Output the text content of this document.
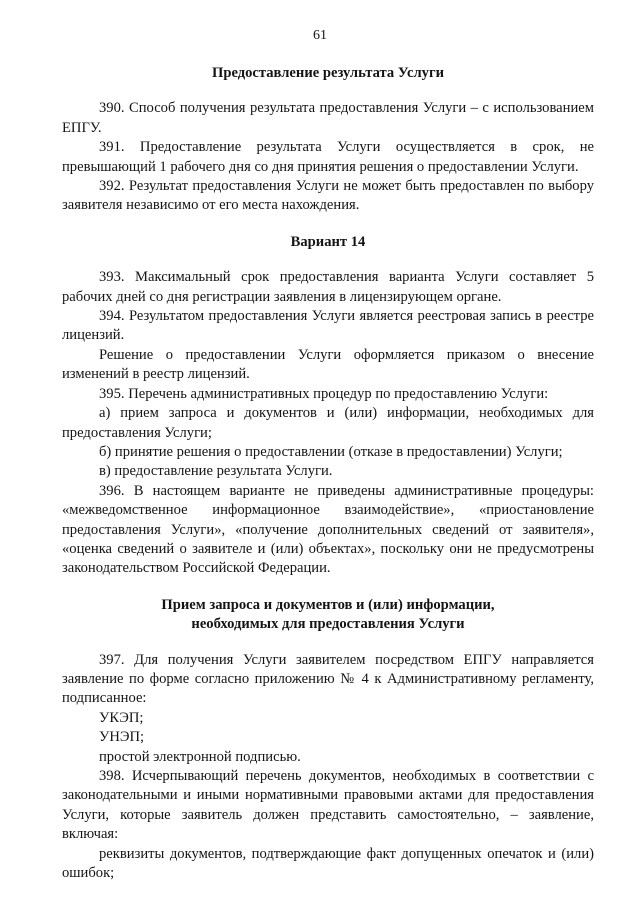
61

Предоставление результата Услуги

390. Способ получения результата предоставления Услуги – с использованием ЕПГУ.

391. Предоставление результата Услуги осуществляется в срок, не превышающий 1 рабочего дня со дня принятия решения о предоставлении Услуги.

392. Результат предоставления Услуги не может быть предоставлен по выбору заявителя независимо от его места нахождения.

Вариант 14

393. Максимальный срок предоставления варианта Услуги составляет 5 рабочих дней со дня регистрации заявления в лицензирующем органе.

394. Результатом предоставления Услуги является реестровая запись в реестре лицензий.

Решение о предоставлении Услуги оформляется приказом о внесение изменений в реестр лицензий.

395. Перечень административных процедур по предоставлению Услуги:

а) прием запроса и документов и (или) информации, необходимых для предоставления Услуги;

б) принятие решения о предоставлении (отказе в предоставлении) Услуги;

в) предоставление результата Услуги.

396. В настоящем варианте не приведены административные процедуры: «межведомственное информационное взаимодействие», «приостановление предоставления Услуги», «получение дополнительных сведений от заявителя», «оценка сведений о заявителе и (или) объектах», поскольку они не предусмотрены законодательством Российской Федерации.

Прием запроса и документов и (или) информации,

необходимых для предоставления Услуги

397. Для получения Услуги заявителем посредством ЕПГУ направляется заявление по форме согласно приложению № 4 к Административному регламенту, подписанное:

УКЭП;

УНЭП;

простой электронной подписью.

398. Исчерпывающий перечень документов, необходимых в соответствии с законодательными и иными нормативными правовыми актами для предоставления Услуги, которые заявитель должен представить самостоятельно, – заявление, включая:

реквизиты документов, подтверждающие факт допущенных опечаток и (или) ошибок;
